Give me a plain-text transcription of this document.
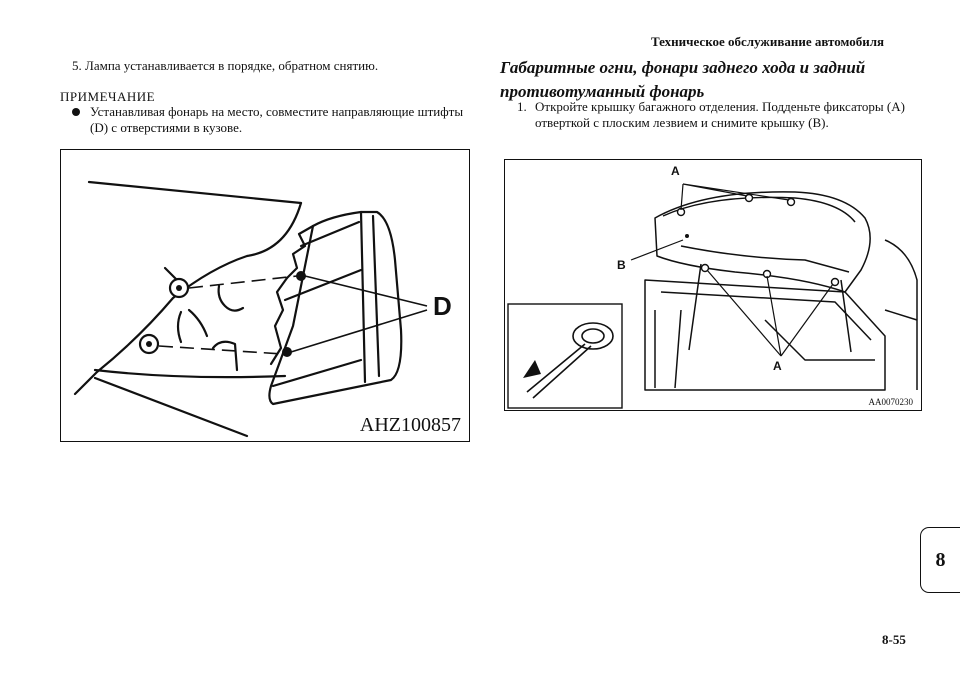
Техническое обслуживание автомобиля
5. Лампа устанавливается в порядке, обратном снятию.
ПРИМЕЧАНИЕ
Устанавливая фонарь на место, совместите направляющие штифты (D) с отверстиями в кузове.
Габаритные огни, фонари заднего хода и задний противотуманный фонарь
1. Откройте крышку багажного отделения. Подденьте фиксаторы (A) отверткой с плоским лезвием и снимите крышку (B).
D
AHZ100857
A
B
A
AA0070230
8
8-55
